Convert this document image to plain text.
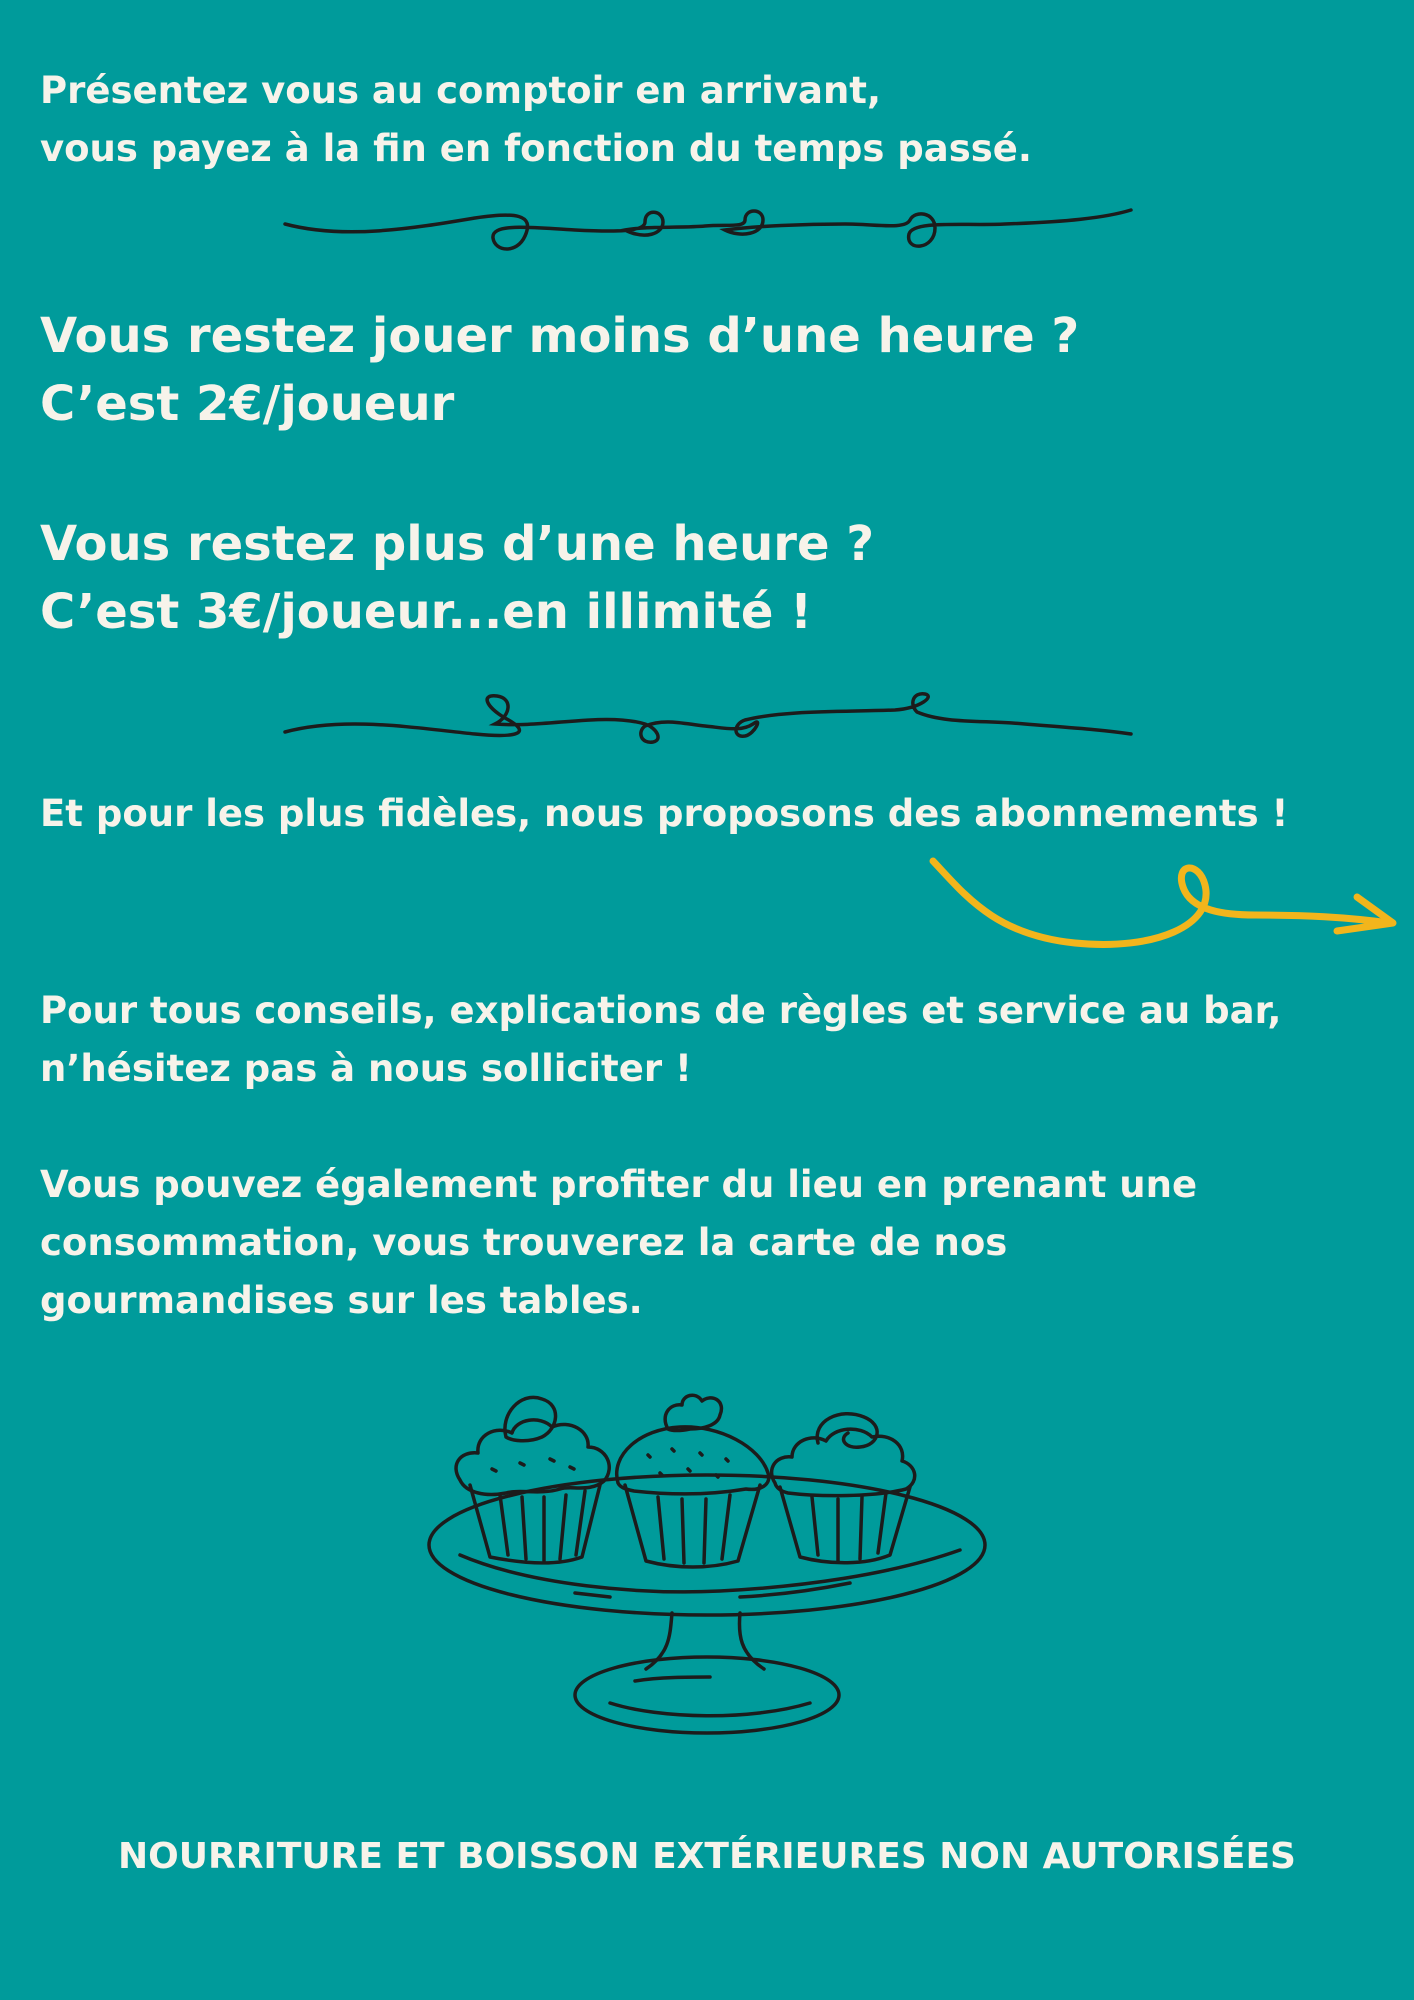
Présentez vous au comptoir en arrivant,
vous payez à la fin en fonction du temps passé.
Vous restez jouer moins d’une heure ?
C’est 2€/joueur
Vous restez plus d’une heure ?
C’est 3€/joueur...en illimité !
Et pour les plus fidèles, nous proposons des abonnements !
Pour tous conseils, explications de règles et service au bar,
n’hésitez pas à nous solliciter !
Vous pouvez également profiter du lieu en prenant une
consommation, vous trouverez la carte de nos
gourmandises sur les tables.
NOURRITURE ET BOISSON EXTÉRIEURES NON AUTORISÉES
